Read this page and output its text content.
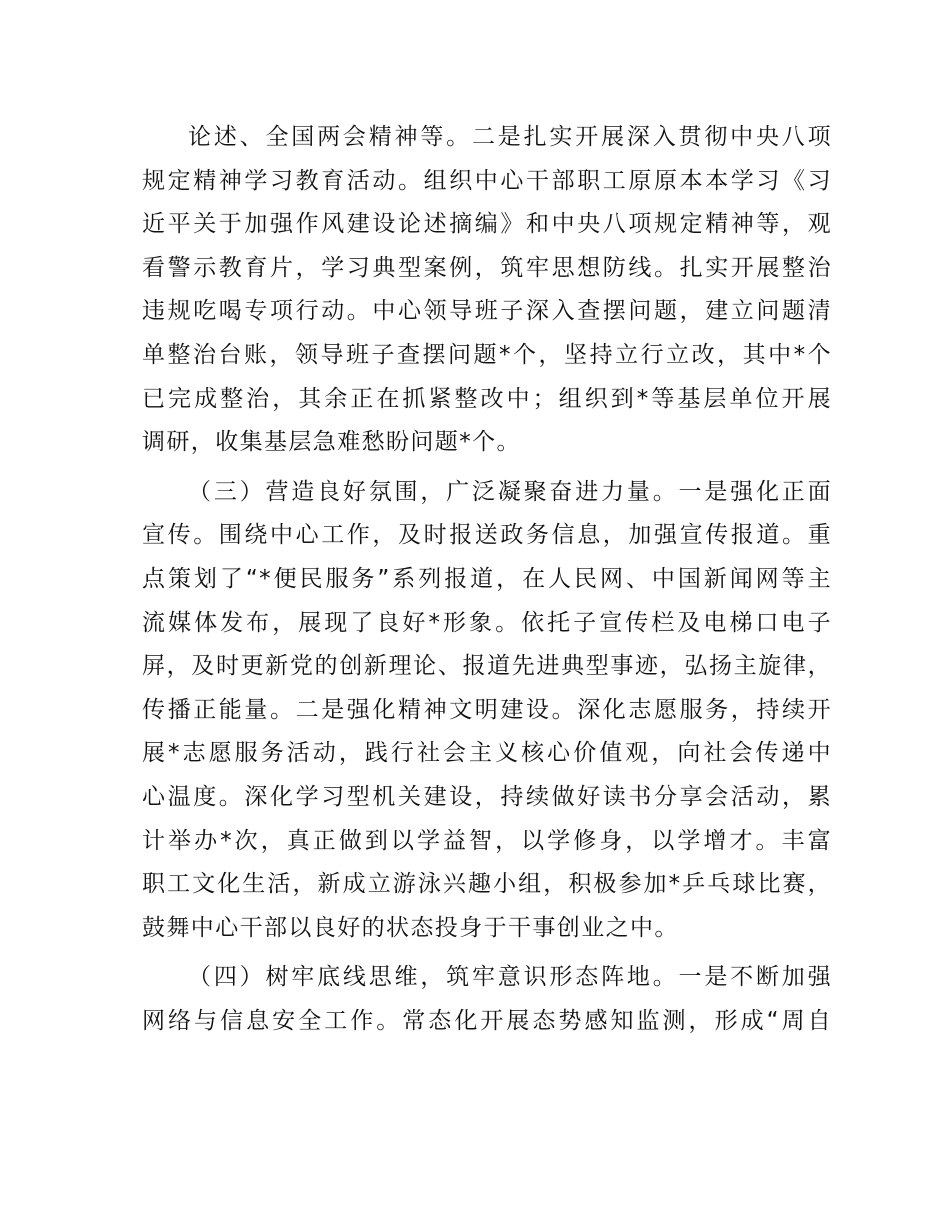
论述、全国两会精神等。二是扎实开展深入贯彻中央八项
规定精神学习教育活动。组织中心干部职工原原本本学习《习
近平关于加强作风建设论述摘编》和中央八项规定精神等，观
看警示教育片，学习典型案例，筑牢思想防线。扎实开展整治
违规吃喝专项行动。中心领导班子深入查摆问题，建立问题清
单整治台账，领导班子查摆问题*个，坚持立行立改，其中*个
已完成整治，其余正在抓紧整改中；组织到*等基层单位开展
调研，收集基层急难愁盼问题*个。
（三）营造良好氛围，广泛凝聚奋进力量。一是强化正面
宣传。围绕中心工作，及时报送政务信息，加强宣传报道。重
点策划了“*便民服务”系列报道，在人民网、中国新闻网等主
流媒体发布，展现了良好*形象。依托子宣传栏及电梯口电子
屏，及时更新党的创新理论、报道先进典型事迹，弘扬主旋律，
传播正能量。二是强化精神文明建设。深化志愿服务，持续开
展*志愿服务活动，践行社会主义核心价值观，向社会传递中
心温度。深化学习型机关建设，持续做好读书分享会活动，累
计举办*次，真正做到以学益智，以学修身，以学增才。丰富
职工文化生活，新成立游泳兴趣小组，积极参加*乒乓球比赛，
鼓舞中心干部以良好的状态投身于干事创业之中。
（四）树牢底线思维，筑牢意识形态阵地。一是不断加强
网络与信息安全工作。常态化开展态势感知监测，形成“周自
